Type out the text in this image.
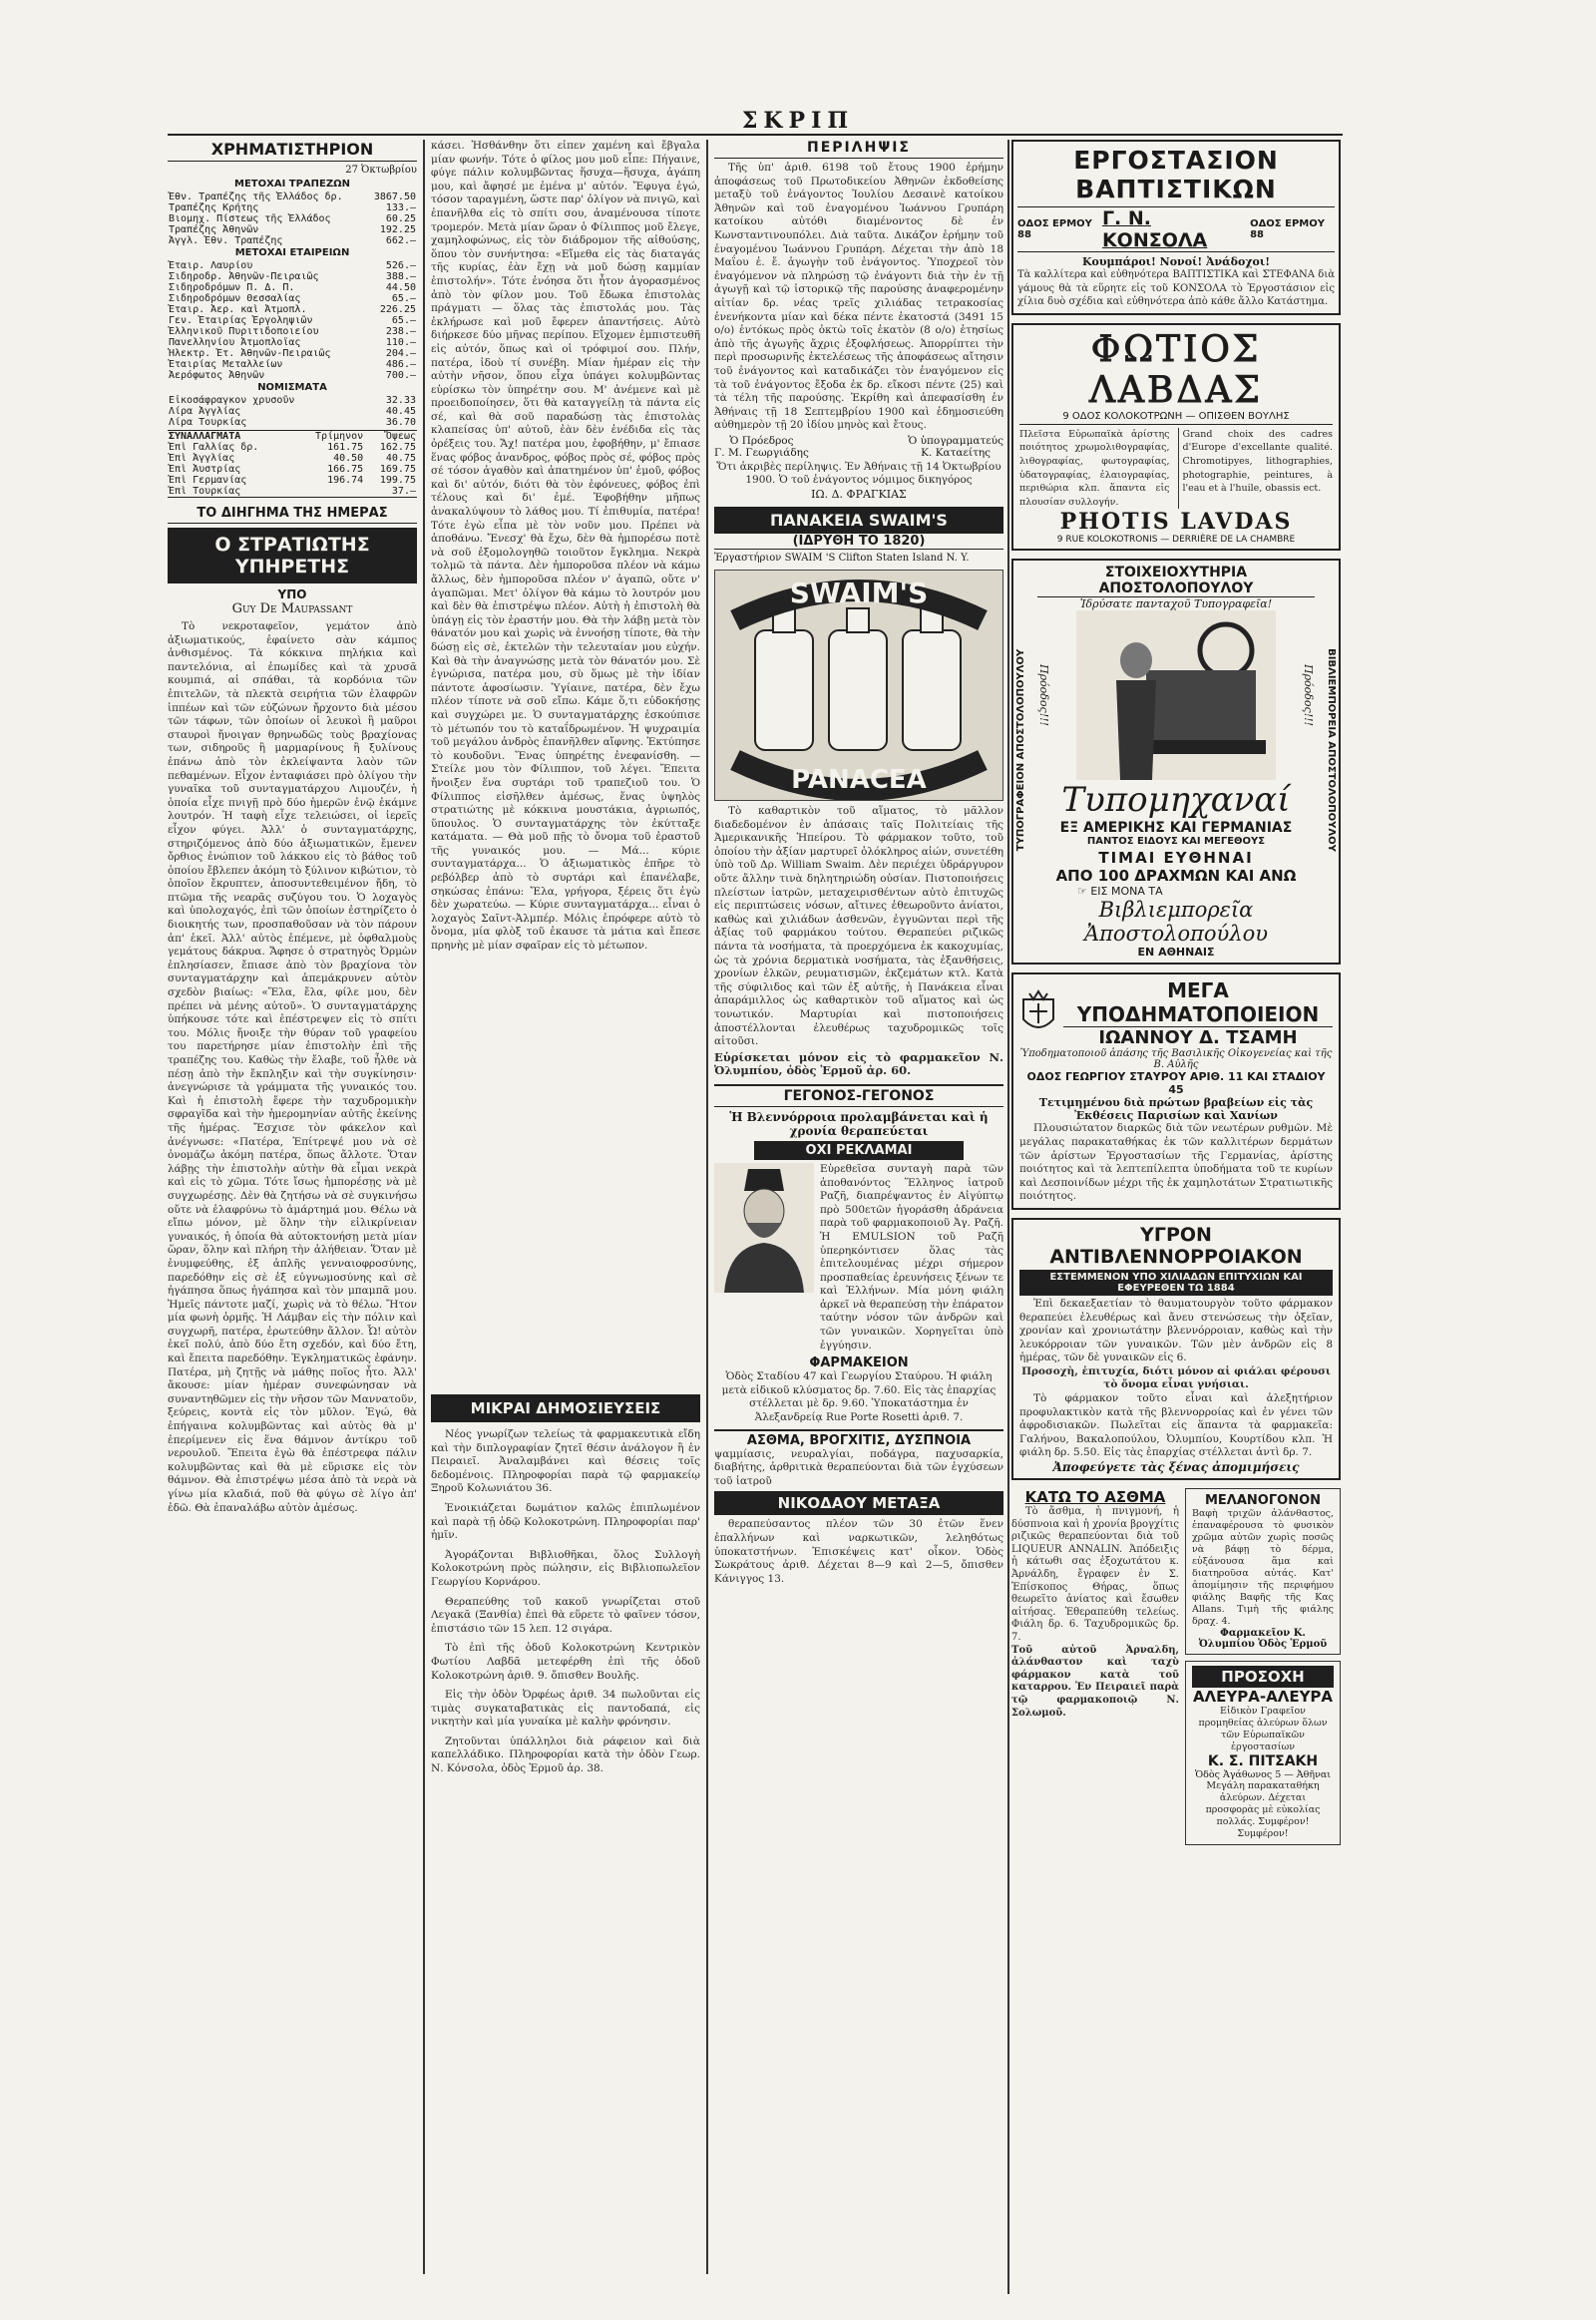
ΣΚΡΙΠ
ΧΡΗΜΑΤΙΣΤΗΡΙΟΝ
27 Ὀκτωβρίου
ΜΕΤΟΧΑΙ ΤΡΑΠΕΖΩΝ
Ἐθν. Τραπέζης τῆς Ἑλλάδος δρ.	3867.50
Τραπέζης Κρήτης	133.—
Βιομηχ. Πίστεως τῆς Ἑλλάδος	60.25
Τραπέζης Ἀθηνῶν	192.25
Ἀγγλ. Ἐθν. Τραπέζης	662.—
ΜΕΤΟΧΑΙ ΕΤΑΙΡΕΙΩΝ
Ἑταιρ. Λαυρίου	526.—
Σιδηροδρ. Ἀθηνῶν-Πειραιῶς	388.—
Σιδηροδρόμων Π. Δ. Π.	44.50
Σιδηροδρόμων Θεσσαλίας	65.—
Ἑταιρ. Ἀερ. καὶ Ἀτμοπλ.	226.25
Γεν. Ἑταιρίας Ἐργοληψιῶν	65.—
Ἑλληνικοῦ Πυριτιδοποιείου	238.—
Πανελληνίου Ἀτμοπλοΐας	110.—
Ἠλεκτρ. Ἑτ. Ἀθηνῶν-Πειραιῶς	204.—
Ἑταιρίας Μεταλλείων	486.—
Ἀερόφωτος Ἀθηνῶν	700.—
ΝΟΜΙΣΜΑΤΑ
Εἰκοσάφραγκον χρυσοῦν	32.33
Λίρα Ἀγγλίας	40.45
Λίρα Τουρκίας	36.70
ΣΥΝΑΛΛΑΓΜΑΤΑ	Τρίμηνον	Ὄψεως
Ἐπὶ Γαλλίας δρ.	161.75	162.75
Ἐπὶ Ἀγγλίας	40.50	40.75
Ἐπὶ Ἀυστρίας	166.75	169.75
Ἐπὶ Γερμανίας	196.74	199.75
Ἐπὶ Τουρκίας		37.—
ΤΟ ΔΙΗΓΗΜΑ ΤΗΣ ΗΜΕΡΑΣ
Ο ΣΤΡΑΤΙΩΤΗΣ ΥΠΗΡΕΤΗΣ
ΥΠΟ
Guy De Maupassant

Τὸ νεκροταφεῖον, γεμάτον ἀπὸ ἀξιωματικούς, ἐφαίνετο σὰν κάμπος ἀνθισμένος. Τὰ κόκκινα πηλήκια καὶ παντελόνια, αἱ ἐπωμίδες καὶ τὰ χρυσᾶ κουμπιά, αἱ σπάθαι, τὰ κορδόνια τῶν ἐπιτελῶν, τὰ πλεκτὰ σειρήτια τῶν ἐλαφρῶν ἱππέων καὶ τῶν εὐζώνων ἤρχοντο διὰ μέσου τῶν τάφων, τῶν ὁποίων οἱ λευκοὶ ἢ μαῦροι σταυροὶ ἤνοιγαν θρηνωδῶς τοὺς βραχίονας των, σιδηροῦς ἢ μαρμαρίνους ἢ ξυλίνους ἐπάνω ἀπὸ τὸν ἐκλείψαντα λαὸν τῶν πεθαμένων. Εἶχον ἐνταφιάσει πρὸ ὀλίγου τὴν γυναῖκα τοῦ συνταγματάρχου Λιμουζέν, ἡ ὁποία εἶχε πνιγῇ πρὸ δύο ἡμερῶν ἐνῷ ἐκάμνε λουτρόν. Ἡ ταφὴ εἶχε τελειώσει, οἱ ἱερεῖς εἶχον φύγει. Ἀλλ' ὁ συνταγματάρχης, στηριζόμενος ἀπὸ δύο ἀξιωματικῶν, ἔμενεν ὄρθιος ἐνώπιον τοῦ λάκκου εἰς τὸ βάθος τοῦ ὁποίου ἔβλεπεν ἀκόμη τὸ ξύλινον κιβώτιον, τὸ ὁποῖον ἔκρυπτεν, ἀποσυντεθειμένον ἤδη, τὸ πτῶμα τῆς νεαρᾶς συζύγου του. Ὁ λοχαγὸς καὶ ὑπολοχαγός, ἐπὶ τῶν ὁποίων ἐστηρίζετο ὁ διοικητής των, προσπαθοῦσαν νὰ τὸν πάρουν ἀπ' ἐκεῖ. Ἀλλ' αὐτὸς ἐπέμενε, μὲ ὀφθαλμοὺς γεμάτους δάκρυα. Ἄφησε ὁ στρατηγὸς Ὀρμὼν ἐπλησίασεν, ἔπιασε ἀπὸ τὸν βραχίονα τὸν συνταγματάρχην καὶ ἀπεμάκρυνεν αὐτὸν σχεδὸν βιαίως: «Ἔλα, ἔλα, φίλε μου, δὲν πρέπει νὰ μένης αὐτοῦ». Ὁ συνταγματάρχης ὑπήκουσε τότε καὶ ἐπέστρεψεν εἰς τὸ σπίτι του. Μόλις ἤνοιξε τὴν θύραν τοῦ γραφείου του παρετήρησε μίαν ἐπιστολὴν ἐπὶ τῆς τραπέζης του. Καθὼς τὴν ἔλαβε, τοῦ ἦλθε νὰ πέσῃ ἀπὸ τὴν ἔκπληξιν καὶ τὴν συγκίνησιν· ἀνεγνώρισε τὰ γράμματα τῆς γυναικός του. Καὶ ἡ ἐπιστολὴ ἔφερε τὴν ταχυδρομικὴν σφραγῖδα καὶ τὴν ἡμερομηνίαν αὐτῆς ἐκείνης τῆς ἡμέρας. Ἔσχισε τὸν φάκελον καὶ ἀνέγνωσε: «Πατέρα, Ἐπίτρεψέ μου νὰ σὲ ὀνομάζω ἀκόμη πατέρα, ὅπως ἄλλοτε. Ὅταν λάβῃς τὴν ἐπιστολὴν αὐτὴν θὰ εἶμαι νεκρὰ καὶ εἰς τὸ χῶμα. Τότε ἴσως ἠμπορέσῃς νὰ μὲ συγχωρέσῃς. Δὲν θὰ ζητήσω νὰ σὲ συγκινήσω οὔτε νὰ ἐλαφρύνω τὸ ἁμάρτημά μου. Θέλω νὰ εἴπω μόνον, μὲ ὅλην τὴν εἰλικρίνειαν γυναικός, ἡ ὁποία θὰ αὐτοκτονήσῃ μετὰ μίαν ὥραν, ὅλην καὶ πλήρη τὴν ἀλήθειαν. Ὅταν μὲ ἐνυμφεύθης, ἐξ ἀπλῆς γενναιοφροσύνης, παρεδόθην εἰς σὲ ἐξ εὐγνωμοσύνης καὶ σὲ ἠγάπησα ὅπως ἠγάπησα καὶ τὸν μπαμπᾶ μου. Ἡμεῖς πάντοτε μαζί, χωρὶς νὰ τὸ θέλω. Ἤτον μία φωνὴ ὀρμῆς. Ἡ Λάμβαν εἰς τὴν πόλιν καὶ συγχωρῆ, πατέρα, ἐρωτεύθην ἄλλον. Ὦ! αὐτὸν ἐκεῖ πολύ, ἀπὸ δύο ἔτη σχεδόν, καὶ δύο ἔτη, καὶ ἔπειτα παρεδόθην. Ἐγκληματικῶς ἐφάνην. Πατέρα, μὴ ζητῇς νὰ μάθῃς ποῖος ἦτο. Ἀλλ' ἄκουσε: μίαν ἡμέραν συνεφώνησαν νὰ συναντηθῶμεν εἰς τὴν νῆσον τῶν Μαννατοῦν, ξεύρεις, κοντὰ εἰς τὸν μῦλον. Ἐγώ, θὰ ἐπήγαινα κολυμβῶντας καὶ αὐτὸς θὰ μ' ἐπερίμενεν εἰς ἕνα θάμνον ἀντίκρυ τοῦ νερουλοῦ. Ἔπειτα ἐγὼ θὰ ἐπέστρεφα πάλιν κολυμβῶντας καὶ θὰ μὲ εὕρισκε εἰς τὸν θάμνον. Θὰ ἐπιστρέψω μέσα ἀπὸ τὰ νερὰ νὰ γίνω μία κλαδιά, ποῦ θὰ φύγω σὲ λίγο ἀπ' ἐδῶ. Θὰ ἐπαναλάβω αὐτὸν ἀμέσως.

κάσει. Ἠσθάνθην ὅτι εἶπεν χαμένη καὶ ἔβγαλα μίαν φωνήν. Τότε ὁ φίλος μου μοῦ εἶπε: Πήγαινε, φύγε πάλιν κολυμβῶντας ἥσυχα—ἥσυχα, ἀγάπη μου, καὶ ἄφησέ με ἐμένα μ' αὐτόν. Ἔφυγα ἐγώ, τόσον ταραγμένη, ὥστε παρ' ὀλίγον νὰ πνιγῶ, καὶ ἐπανῆλθα εἰς τὸ σπίτι σου, ἀναμένουσα τίποτε τρομερόν. Μετὰ μίαν ὥραν ὁ Φίλιππος μοῦ ἔλεγε, χαμηλοφώνως, εἰς τὸν διάδρομον τῆς αἰθούσης, ὅπου τὸν συνήντησα: «Εἴμεθα εἰς τὰς διαταγάς τῆς κυρίας, ἐὰν ἔχῃ νὰ μοῦ δώσῃ καμμίαν ἐπιστολήν». Τότε ἐνόησα ὅτι ἦτον ἀγορασμένος ἀπὸ τὸν φίλον μου. Τοῦ ἔδωκα ἐπιστολὰς πράγματι — ὅλας τὰς ἐπιστολάς μου. Τὰς ἐκλήρωσε καὶ μοῦ ἔφερεν ἀπαντήσεις. Αὐτὸ διήρκεσε δύο μῆνας περίπου. Εἴχομεν ἐμπιστευθῆ εἰς αὐτόν, ὅπως καὶ οἱ τρόφιμοί σου. Πλήν, πατέρα, ἰδοὺ τί συνέβη. Μίαν ἡμέραν εἰς τὴν αὐτὴν νῆσον, ὅπου εἶχα ὑπάγει κολυμβῶντας εὑρίσκω τὸν ὑπηρέτην σου. Μ' ἀνέμενε καὶ μὲ προειδοποίησεν, ὅτι θὰ καταγγείλῃ τὰ πάντα εἰς σέ, καὶ θὰ σοῦ παραδώσῃ τὰς ἐπιστολὰς κλαπείσας ὑπ' αὐτοῦ, ἐὰν δὲν ἐνέδιδα εἰς τὰς ὀρέξεις του. Ἄχ! πατέρα μου, ἐφοβήθην, μ' ἔπιασε ἕνας φόβος ἀνανδρος, φόβος πρὸς σέ, φόβος πρὸς σέ τόσον ἀγαθὸν καὶ ἀπατημένον ὑπ' ἐμοῦ, φόβος καὶ δι' αὐτόν, διότι θὰ τὸν ἐφόνευες, φόβος ἐπὶ τέλους καὶ δι' ἐμέ. Ἐφοβήθην μῆπως ἀνακαλύψουν τὸ λάθος μου. Τί ἐπιθυμία, πατέρα! Τότε ἐγὼ εἶπα μὲ τὸν νοῦν μου. Πρέπει νὰ ἀποθάνω. Ἔνεσχ' θὰ ἔχω, δὲν θὰ ἠμπορέσω ποτὲ νὰ σοῦ ἐξομολογηθῶ τοιοῦτον ἔγκλημα. Νεκρὰ τολμῶ τὰ πάντα. Δὲν ἠμποροῦσα πλέον νὰ κάμω ἄλλως, δὲν ἠμποροῦσα πλέον ν' ἀγαπῶ, οὔτε ν' ἀγαπῶμαι. Μετ' ὀλίγον θὰ κάμω τὸ λουτρόν μου καὶ δὲν θὰ ἐπιστρέψω πλέον. Αὐτὴ ἡ ἐπιστολὴ θὰ ὑπάγῃ εἰς τὸν ἐραστήν μου. Θὰ τὴν λάβῃ μετὰ τὸν θάνατόν μου καὶ χωρὶς νὰ ἐννοήσῃ τίποτε, θὰ τὴν δώσῃ εἰς σὲ, ἐκτελῶν τὴν τελευταίαν μου εὐχήν. Καὶ θὰ τὴν ἀναγνώσῃς μετὰ τὸν θάνατόν μου. Σὲ ἐγνώρισα, πατέρα μου, σὺ ὅμως μὲ τὴν ἰδίαν πάντοτε ἀφοσίωσιν. Ὑγίαινε, πατέρα, δὲν ἔχω πλέον τίποτε νὰ σοῦ εἴπω. Κάμε ὅ,τι εὐδοκήσῃς καὶ συγχώρει με. Ὁ συνταγματάρχης ἐσκούπισε τὸ μέτωπόν του τὸ καταΐδρωμένον. Ἡ ψυχραιμία τοῦ μεγάλου ἀνδρὸς ἐπανῆλθεν αἴφνης. Ἐκτύπησε τὸ κουδοῦνι. Ἕνας ὑπηρέτης ἐνεφανίσθη. — Στείλε μου τὸν Φίλιππον, τοῦ λέγει. Ἔπειτα ἤνοιξεν ἕνα συρτάρι τοῦ τραπεζιοῦ του. Ὁ Φίλιππος εἰσῆλθεν ἀμέσως, ἕνας ὑψηλὸς στρατιώτης μὲ κόκκινα μουστάκια, ἀγριωπός, ὕπουλος. Ὁ συνταγματάρχης τὸν ἐκύτταξε κατάματα. — Θὰ μοῦ πῇς τὸ ὄνομα τοῦ ἐραστοῦ τῆς γυναικός μου. — Μά... κύριε συνταγματάρχα... Ὁ ἀξιωματικὸς ἐπῆρε τὸ ρεβόλβερ ἀπὸ τὸ συρτάρι καὶ ἐπανέλαβε, σηκώσας ἐπάνω: Ἔλα, γρήγορα, ξέρεις ὅτι ἐγὼ δὲν χωρατεύω. — Κύριε συνταγματάρχα... εἶναι ὁ λοχαγὸς Σαῖντ-Ἀλμπέρ. Μόλις ἐπρόφερε αὐτὸ τὸ ὄνομα, μία φλὸξ τοῦ ἐκαυσε τὰ μάτια καὶ ἔπεσε πρηνὴς μὲ μίαν σφαῖραν εἰς τὸ μέτωπον.

ΜΙΚΡΑΙ ΔΗΜΟΣΙΕΥΣΕΙΣ

Νέος γνωρίζων τελείως τὰ φαρμακευτικὰ εἴδη καὶ τὴν διπλογραφίαν ζητεῖ θέσιν ἀνάλογον ἢ ἐν Πειραιεῖ. Ἀναλαμβάνει καὶ θέσεις τοῖς δεδομένοις. Πληροφορίαι παρὰ τῷ φαρμακείῳ Ξηροῦ Κολωνιάτου 36.

Ἐνοικιάζεται δωμάτιον καλῶς ἐπιπλωμένον καὶ παρὰ τῇ ὁδῷ Κολοκοτρώνη. Πληροφορίαι παρ' ἡμῖν.

Ἀγοράζονται Βιβλιοθῆκαι, ὅλος Συλλογὴ Κολοκοτρώνη πρὸς πώλησιν, εἰς Βιβλιοπωλεῖον Γεωργίου Κορνάρου.

Θεραπεύθης τοῦ κακοῦ γνωρίζεται στοῦ Λεγακᾶ (Ξανθία) ἐπεὶ θὰ εὕρετε τὸ φαῖνεν τόσον, ἐπιστάσιο τῶν 15 λεπ. 12 σιγάρα.

Τὸ ἐπὶ τῆς ὁδοῦ Κολοκοτρώνη Κεντρικὸν Φωτίου Λαβδᾶ μετεφέρθη ἐπὶ τῆς ὁδοῦ Κολοκοτρώνη ἀριθ. 9. ὄπισθεν Βουλῆς.

Εἰς τὴν ὁδὸν Ὀρφέως ἀριθ. 34 πωλοῦνται εἰς τιμὰς συγκαταβατικὰς εἰς παντοδαπά, εἰς νικητὴν καὶ μία γυναίκα μὲ καλὴν φρόνησιν.

Ζητοῦνται ὑπάλληλοι διὰ ράφειον καὶ διὰ καπελλάδικο. Πληροφορίαι κατὰ τὴν ὁδὸν Γεωρ. Ν. Κόνσολα, ὁδὸς Ἑρμοῦ ἀρ. 38.

ΠΕΡΙΛΗΨΙΣ

Τῆς ὑπ' ἀριθ. 6198 τοῦ ἔτους 1900 ἐρήμην ἀποφάσεως τοῦ Πρωτοδικείου Ἀθηνῶν ἐκδοθείσης μεταξὺ τοῦ ἐνάγοντος Ἰουλίου Δεσαινὲ κατοίκου Ἀθηνῶν καὶ τοῦ ἐναγομένου Ἰωάννου Γρυπάρη κατοίκου αὐτόθι διαμένοντος δὲ ἐν Κωνσταντινουπόλει. Διὰ ταῦτα. Δικάζον ἐρήμην τοῦ ἐναγομένου Ἰωάννου Γρυπάρη. Δέχεται τὴν ἀπὸ 18 Μαΐου ἐ. ἔ. ἀγωγὴν τοῦ ἐνάγοντος. Ὑποχρεοῖ τὸν ἐναγόμενον νὰ πληρώσῃ τῷ ἐνάγοντι διὰ τὴν ἐν τῇ ἀγωγῇ καὶ τῷ ἱστορικῷ τῆς παρούσης ἀναφερομένην αἰτίαν δρ. νέας τρεῖς χιλιάδας τετρακοσίας ἐνενήκοντα μίαν καὶ δέκα πέντε ἑκατοστά (3491 15 ο/ο) ἐντόκως πρὸς ὀκτὼ τοῖς ἑκατὸν (8 ο/ο) ἐτησίως ἀπὸ τῆς ἀγωγῆς ἄχρις ἐξοφλήσεως. Ἀπορρίπτει τὴν περὶ προσωρινῆς ἐκτελέσεως τῆς ἀποφάσεως αἴτησιν τοῦ ἐνάγοντος καὶ καταδικάζει τὸν ἐναγόμενον εἰς τὰ τοῦ ἐνάγοντος ἔξοδα ἐκ δρ. εἴκοσι πέντε (25) καὶ τὰ τέλη τῆς παρούσης. Ἐκρίθη καὶ ἀπεφασίσθη ἐν Ἀθήναις τῇ 18 Σεπτεμβρίου 1900 καὶ ἐδημοσιεύθη αὐθημερὸν τῇ 20 ἰδίου μηνὸς καὶ ἔτους.

Ὁ Πρόεδρος
Γ. Μ. Γεωργιάδης
Ὁ ὑπογραμματεύς
Κ. Καταείτης

Ὅτι ἀκριβὲς περίληψις. Ἐν Ἀθήναις τῇ 14 Ὀκτωβρίου 1900. Ὁ τοῦ ἐνάγοντος νόμιμος δικηγόρος

ΙΩ. Δ. ΦΡΑΓΚΙΑΣ
ΠΑΝΑΚΕΙΑ SWAIM'S
(ΙΔΡΥΘΗ ΤΟ 1820)
Ἐργαστήριον SWAIM 'S Clifton Staten Island N. Y.
SWAIM'S
PANACEA

Τὸ καθαρτικὸν τοῦ αἵματος, τὸ μᾶλλον διαδεδομένον ἐν ἁπάσαις ταῖς Πολιτείαις τῆς Ἀμερικανικῆς Ἠπείρου. Τὸ φάρμακον τοῦτο, τοῦ ὁποίου τὴν ἀξίαν μαρτυρεῖ ὁλόκληρος αἰών, συνετέθη ὑπὸ τοῦ Δρ. William Swaim. Δὲν περιέχει ὑδράργυρον οὔτε ἄλλην τινὰ δηλητηριώδη οὐσίαν. Πιστοποιήσεις πλείστων ἰατρῶν, μεταχειρισθέντων αὐτὸ ἐπιτυχῶς εἰς περιπτώσεις νόσων, αἴτινες ἐθεωροῦντο ἀνίατοι, καθὼς καὶ χιλιάδων ἀσθενῶν, ἐγγυῶνται περὶ τῆς ἀξίας τοῦ φαρμάκου τούτου. Θεραπεύει ριζικῶς πάντα τὰ νοσήματα, τὰ προερχόμενα ἐκ κακοχυμίας, ὡς τὰ χρόνια δερματικὰ νοσήματα, τὰς ἐξανθήσεις, χρονίων ἑλκῶν, ρευματισμῶν, ἐκζεμάτων κτλ. Κατὰ τῆς σύφιλιδος καὶ τῶν ἐξ αὐτῆς, ἡ Πανάκεια εἶναι ἀπαράμιλλος ὡς καθαρτικὸν τοῦ αἵματος καὶ ὡς τονωτικόν. Μαρτυρίαι καὶ πιστοποιήσεις ἀποστέλλονται ἐλευθέρως ταχυδρομικῶς τοῖς αἰτοῦσι.

Εὑρίσκεται μόνον εἰς τὸ φαρμακεῖον Ν. Ὀλυμπίου, ὁδὸς Ἑρμοῦ ἀρ. 60.

ΓΕΓΟΝΟΣ-ΓΕΓΟΝΟΣ
Ἡ Βλεννόρροια προλαμβάνεται καὶ ἡ χρονία θεραπεύεται
ΟΧΙ ΡΕΚΛΑΜΑΙ

Εὑρεθεῖσα συνταγὴ παρὰ τῶν ἀποθανόντος Ἕλληνος ἰατροῦ Ραζῆ, διαπρέψαντος ἐν Αἰγύπτῳ πρὸ 500ετῶν ἠγοράσθη ἀδράνεια παρὰ τοῦ φαρμακοποιοῦ Ἀγ. Ραζῆ. Ἡ EMULSION τοῦ Ραζῆ ὑπερηκόντισεν ὅλας τὰς ἐπιτελουμένας μέχρι σήμερον προσπαθείας ἐρευνήσεις ξένων τε καὶ Ἑλλήνων. Μία μόνη φιάλη ἀρκεῖ νὰ θεραπεύσῃ τὴν ἐπάρατον ταύτην νόσον τῶν ἀνδρῶν καὶ τῶν γυναικῶν. Χορηγεῖται ὑπὸ ἐγγύησιν.

ΦΑΡΜΑΚΕΙΟΝ

Ὁδὸς Σταδίου 47 καὶ Γεωργίου Σταύρου. Ἡ φιάλη μετὰ εἰδικοῦ κλύσματος δρ. 7.60. Εἰς τὰς ἐπαρχίας στέλλεται μὲ δρ. 9.60. Ὑποκατάστημα ἐν Ἀλεξανδρείᾳ Rue Porte Rosetti ἀριθ. 7.

ΑΣΘΜΑ, ΒΡΟΓΧΙΤΙΣ, ΔΥΣΠΝΟΙΑ

ψαμμίασις, νευραλγίαι, ποδάγρα, παχυσαρκία, διαβήτης, ἀρθριτικὰ θεραπεύονται διὰ τῶν ἐγχύσεων τοῦ ἰατροῦ

ΝΙΚΟΔΑΟΥ ΜΕΤΑΞΑ

θεραπεύσαντος πλέον τῶν 30 ἐτῶν ἕνεν ἐπαλλήνων καὶ ναρκωτικῶν, λεληθότως ὑποκατστήνων. Ἐπισκέψεις κατ' οἶκον. Ὁδὸς Σωκράτους ἀριθ. Δέχεται 8—9 καὶ 2—5, ὄπισθεν Κάνιγγος 13.

ΕΡΓΟΣΤΑΣΙΟΝ ΒΑΠΤΙΣΤΙΚΩΝ
ΟΔΟΣ ΕΡΜΟΥ 88
Γ. Ν. ΚΟΝΣΟΛΑ
ΟΔΟΣ ΕΡΜΟΥ 88
Κουμπάροι! Νονοί! Ἀνάδοχοι!

Τὰ καλλίτερα καὶ εὐθηνότερα ΒΑΠΤΙΣΤΙΚΑ καὶ ΣΤΕΦΑΝΑ διὰ γάμους θὰ τὰ εὕρητε εἰς τοῦ ΚΟΝΣΟΛΑ τὸ Ἐργοστάσιον εἰς χίλια δυὸ σχέδια καὶ εὐθηνότερα ἀπὸ κάθε ἄλλο Κατάστημα.

ΦΩΤΙΟΣ ΛΑΒΔΑΣ
9 ΟΔΟΣ ΚΟΛΟΚΟΤΡΩΝΗ — ΟΠΙΣΘΕΝ ΒΟΥΛΗΣ

Πλεῖστα Εὐρωπαϊκὰ ἀρίστης ποιότητος χρωμολιθογραφίας, λιθογραφίας, φωτογραφίας, ὑδατογραφίας, ἐλαιογραφίας, περιθώρια κλπ. ἅπαντα εἰς πλουσίαν συλλογήν.

Grand choix des cadres d'Europe d'excellante qualité. Chromotipyes, lithographies, photographie, peintures, à l'eau et à l'huile, obassis ect.

PHOTIS LAVDAS
9 RUE KOLOKOTRONIS — DERRIÈRE DE LA CHAMBRE
ΤΥΠΟΓΡΑΦΕΙΟΝ ΑΠΟΣΤΟΛΟΠΟΥΛΟΥ	ΒΙΒΛΙΕΜΠΟΡΕΙΑ ΑΠΟΣΤΟΛΟΠΟΥΛΟΥ
ΣΤΟΙΧΕΙΟΧΥΤΗΡΙΑ ΑΠΟΣΤΟΛΟΠΟΥΛΟΥ
Ἱδρύσατε πανταχοῦ Τυπογραφεῖα!
Πρόοδος!!!	Πρόοδος!!!
Τυπομηχαναί
ΕΞ ΑΜΕΡΙΚΗΣ ΚΑΙ ΓΕΡΜΑΝΙΑΣ
ΠΑΝΤΟΣ ΕΙΔΟΥΣ ΚΑΙ ΜΕΓΕΘΟΥΣ
ΤΙΜΑΙ ΕΥΘΗΝΑΙ
ΑΠΟ 100 ΔΡΑΧΜΩΝ ΚΑΙ ΑΝΩ
☞ ΕΙΣ ΜΟΝΑ ΤΑ
Βιβλιεμπορεῖα Ἀποστολοπούλου
ΕΝ ΑΘΗΝΑΙΣ
ΜΕΓΑ ΥΠΟΔΗΜΑΤΟΠΟΙΕΙΟΝ
ΙΩΑΝΝΟΥ Δ. ΤΣΑΜΗ
Ὑποδηματοποιοῦ ἁπάσης τῆς Βασιλικῆς Οἰκογενείας καὶ τῆς Β. Αὐλῆς
ΟΔΟΣ ΓΕΩΡΓΙΟΥ ΣΤΑΥΡΟΥ ΑΡΙΘ. 11 ΚΑΙ ΣΤΑΔΙΟΥ 45
Τετιμημένου διὰ πρώτων βραβείων εἰς τὰς Ἐκθέσεις Παρισίων καὶ Χανίων

Πλουσιώτατον διαρκῶς διὰ τῶν νεωτέρων ρυθμῶν. Μὲ μεγάλας παρακαταθήκας ἐκ τῶν καλλιτέρων δερμάτων τῶν ἀρίστων Ἐργοστασίων τῆς Γερμανίας, ἀρίστης ποιότητος καὶ τὰ λεπτεπίλεπτα ὑποδήματα τοῦ τε κυρίων καὶ Δεσποινίδων μέχρι τῆς ἐκ χαμηλοτάτων Στρατιωτικῆς ποιότητος.

ΥΓΡΟΝ ΑΝΤΙΒΛΕΝΝΟΡΡΟΙΑΚΟΝ
ΕΣΤΕΜΜΕΝΟΝ ΥΠΟ ΧΙΛΙΑΔΩΝ ΕΠΙΤΥΧΙΩΝ ΚΑΙ ΕΦΕΥΡΕΘΕΝ ΤΩ 1884

Ἐπὶ δεκαεξαετίαν τὸ θαυματουργὸν τοῦτο φάρμακον θεραπεύει ἐλευθέρως καὶ ἄνευ στενώσεως τὴν ὀξεῖαν, χρονίαν καὶ χρονιωτάτην βλεννόρροιαν, καθὼς καὶ τὴν λευκόρροιαν τῶν γυναικῶν. Τῶν μὲν ἀνδρῶν εἰς 8 ἡμέρας, τῶν δὲ γυναικῶν εἰς 6.

Προσοχὴ, ἐπιτυχία, διότι μόνον αἱ φιάλαι φέρουσι τὸ ὄνομα εἶναι γνήσιαι.

Τὸ φάρμακον τοῦτο εἶναι καὶ ἀλεξητήριον προφυλακτικὸν κατὰ τῆς βλεννορροίας καὶ ἐν γένει τῶν ἀφροδισιακῶν. Πωλεῖται εἰς ἅπαντα τὰ φαρμακεῖα: Γαλήνου, Βακαλοπούλου, Ὀλυμπίου, Κουρτίδου κλπ. Ἡ φιάλη δρ. 5.50. Εἰς τὰς ἐπαρχίας στέλλεται ἀντὶ δρ. 7.

Ἀποφεύγετε τὰς ξένας ἀπομιμήσεις
ΚΑΤΩ ΤΟ ΑΣΘΜΑ

Τὸ ἄσθμα, ἡ πνιγμονή, ἡ δύσπνοια καὶ ἡ χρονία βρογχίτις ριζικῶς θεραπεύονται διὰ τοῦ LIQUEUR ANNALIN. Ἀπόδειξις ἡ κάτωθι σας ἐξοχωτάτου κ. Ἀρνάλδη, ἔγραφεν ἐν Σ. Ἐπίσκοπος Θήρας, ὅπως θεωρεῖτο ἀνίατος καὶ ἔσωθεν αἰτήσας. Ἐθεραπεύθη τελείως. Φιάλη δρ. 6. Ταχυδρομικῶς δρ. 7.

Τοῦ αὐτοῦ Ἀρναλδη, ἀλάνθαστον καὶ ταχὺ φάρμακον κατὰ τοῦ καταρρου. Ἐν Πειραιεῖ παρὰ τῷ φαρμακοποιῷ Ν. Σολωμοῦ.

ΜΕΛΑΝΟΓΟΝΟΝ

Βαφὴ τριχῶν ἀλάνθαστος, ἐπαναφέρουσα τὸ φυσικὸν χρῶμα αὐτῶν χωρὶς ποσῶς νὰ βάφῃ τὸ δέρμα, εὐξάνουσα ἅμα καὶ διατηροῦσα αὐτάς. Κατ' ἀπομίμησιν τῆς περιφήμου φιάλης Βαφῆς τῆς Κας Allans. Τιμὴ τῆς φιάλης δραχ. 4.

Φαρμακεῖον Κ. Ὀλυμπίου Ὁδὸς Ἑρμοῦ
ΠΡΟΣΟΧΗ
ΑΛΕΥΡΑ-ΑΛΕΥΡΑ

Εἰδικὸν Γραφεῖον προμηθείας ἀλεύρων ὅλων τῶν Εὐρωπαϊκῶν ἐργοστασίων

Κ. Σ. ΠΙΤΣΑΚΗ
Ὁδὸς Ἀγάθωνος 5 — Ἀθῆναι

Μεγάλη παρακαταθήκη ἀλεύρων. Δέχεται προσφορὰς μὲ εὐκολίας πολλάς. Συμφέρον! Συμφέρον!
